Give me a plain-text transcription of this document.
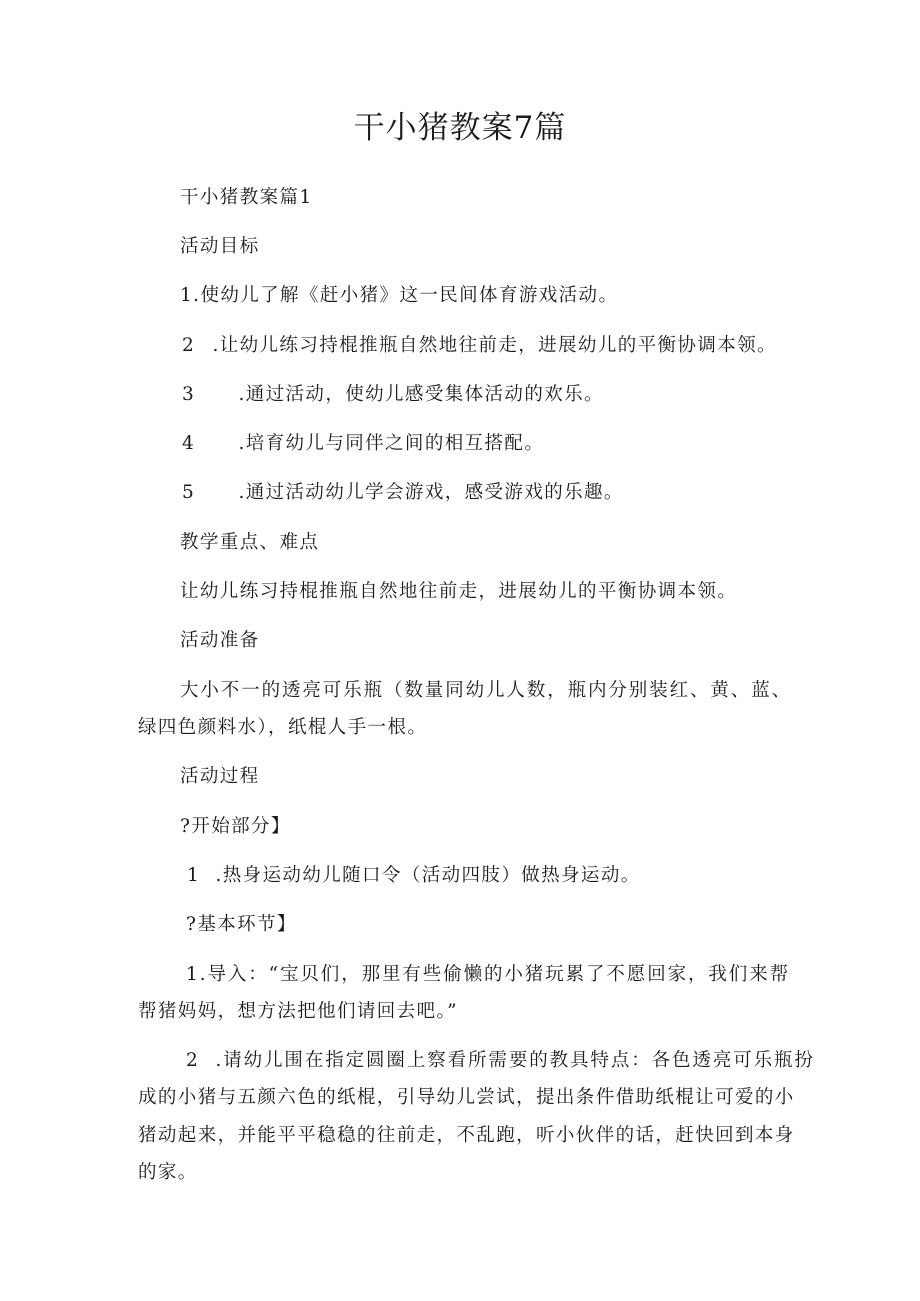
干小猪教案7篇
干小猪教案篇1
活动目标
1.使幼儿了解《赶小猪》这一民间体育游戏活动。
2 .让幼儿练习持棍推瓶自然地往前走，进展幼儿的平衡协调本领。
3 .通过活动，使幼儿感受集体活动的欢乐。
4 .培育幼儿与同伴之间的相互搭配。
5 .通过活动幼儿学会游戏，感受游戏的乐趣。
教学重点、难点
让幼儿练习持棍推瓶自然地往前走，进展幼儿的平衡协调本领。
活动准备
大小不一的透亮可乐瓶（数量同幼儿人数，瓶内分别装红、黄、蓝、
绿四色颜料水），纸棍人手一根。
活动过程
?开始部分】
1 .热身运动幼儿随口令（活动四肢）做热身运动。
?基本环节】
1.导入：“宝贝们，那里有些偷懒的小猪玩累了不愿回家，我们来帮
帮猪妈妈，想方法把他们请回去吧。”
2 .请幼儿围在指定圆圈上察看所需要的教具特点：各色透亮可乐瓶扮
成的小猪与五颜六色的纸棍，引导幼儿尝试，提出条件借助纸棍让可爱的小
猪动起来，并能平平稳稳的往前走，不乱跑，听小伙伴的话，赶快回到本身
的家。
